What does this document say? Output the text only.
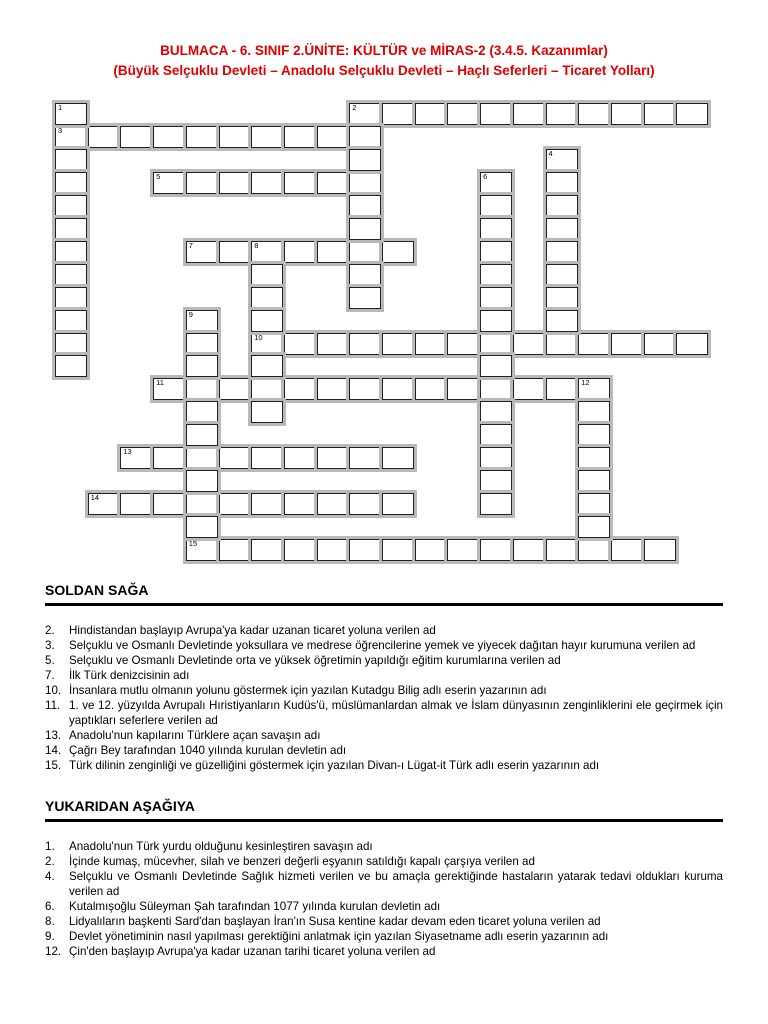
BULMACA - 6. SINIF 2.ÜNİTE: KÜLTÜR ve MİRAS-2 (3.4.5. Kazanımlar)
(Büyük Selçuklu Devleti – Anadolu Selçuklu Devleti – Haçlı Seferleri – Ticaret Yolları)
2
3
5
7	8
10
11	12
13
14
15
1
4
6
9
SOLDAN SAĞA
2.	Hindistandan başlayıp Avrupa'ya kadar uzanan ticaret yoluna verilen ad
3.	Selçuklu ve Osmanlı Devletinde yoksullara ve medrese öğrencilerine yemek ve yiyecek dağıtan hayır kurumuna verilen ad
5.	Selçuklu ve Osmanlı Devletinde orta ve yüksek öğretimin yapıldığı eğitim kurumlarına verilen ad
7.	İlk Türk denizcisinin adı
10. İnsanlara mutlu olmanın yolunu göstermek için yazılan Kutadgu Bilig adlı eserin yazarının adı
11. 1. ve 12. yüzyılda Avrupalı Hıristiyanların Kudüs'ü, müslümanlardan almak ve İslam dünyasının zenginliklerini ele geçirmek için yaptıkları seferlere verilen ad
13. Anadolu'nun kapılarını Türklere açan savaşın adı
14. Çağrı Bey tarafından 1040 yılında kurulan devletin adı
15. Türk dilinin zenginliği ve güzelliğini göstermek için yazılan Divan-ı Lügat-it Türk adlı eserin yazarının adı
YUKARIDAN AŞAĞIYA
1.	Anadolu'nun Türk yurdu olduğunu kesinleştiren savaşın adı
2.	İçinde kumaş, mücevher, silah ve benzeri değerli eşyanın satıldığı kapalı çarşıya verilen ad
4.	Selçuklu ve Osmanlı Devletinde Sağlık hizmeti verilen ve bu amaçla gerektiğinde hastaların yatarak tedavi oldukları kuruma verilen ad
6.	Kutalmışoğlu Süleyman Şah tarafından 1077 yılında kurulan devletin adı
8.	Lidyalıların başkenti Sard'dan başlayan İran'ın Susa kentine kadar devam eden ticaret yoluna verilen ad
9.	Devlet yönetiminin nasıl yapılması gerektiğini anlatmak için yazılan Siyasetname adlı eserin yazarının adı
12. Çin'den başlayıp Avrupa'ya kadar uzanan tarihi ticaret yoluna verilen ad
